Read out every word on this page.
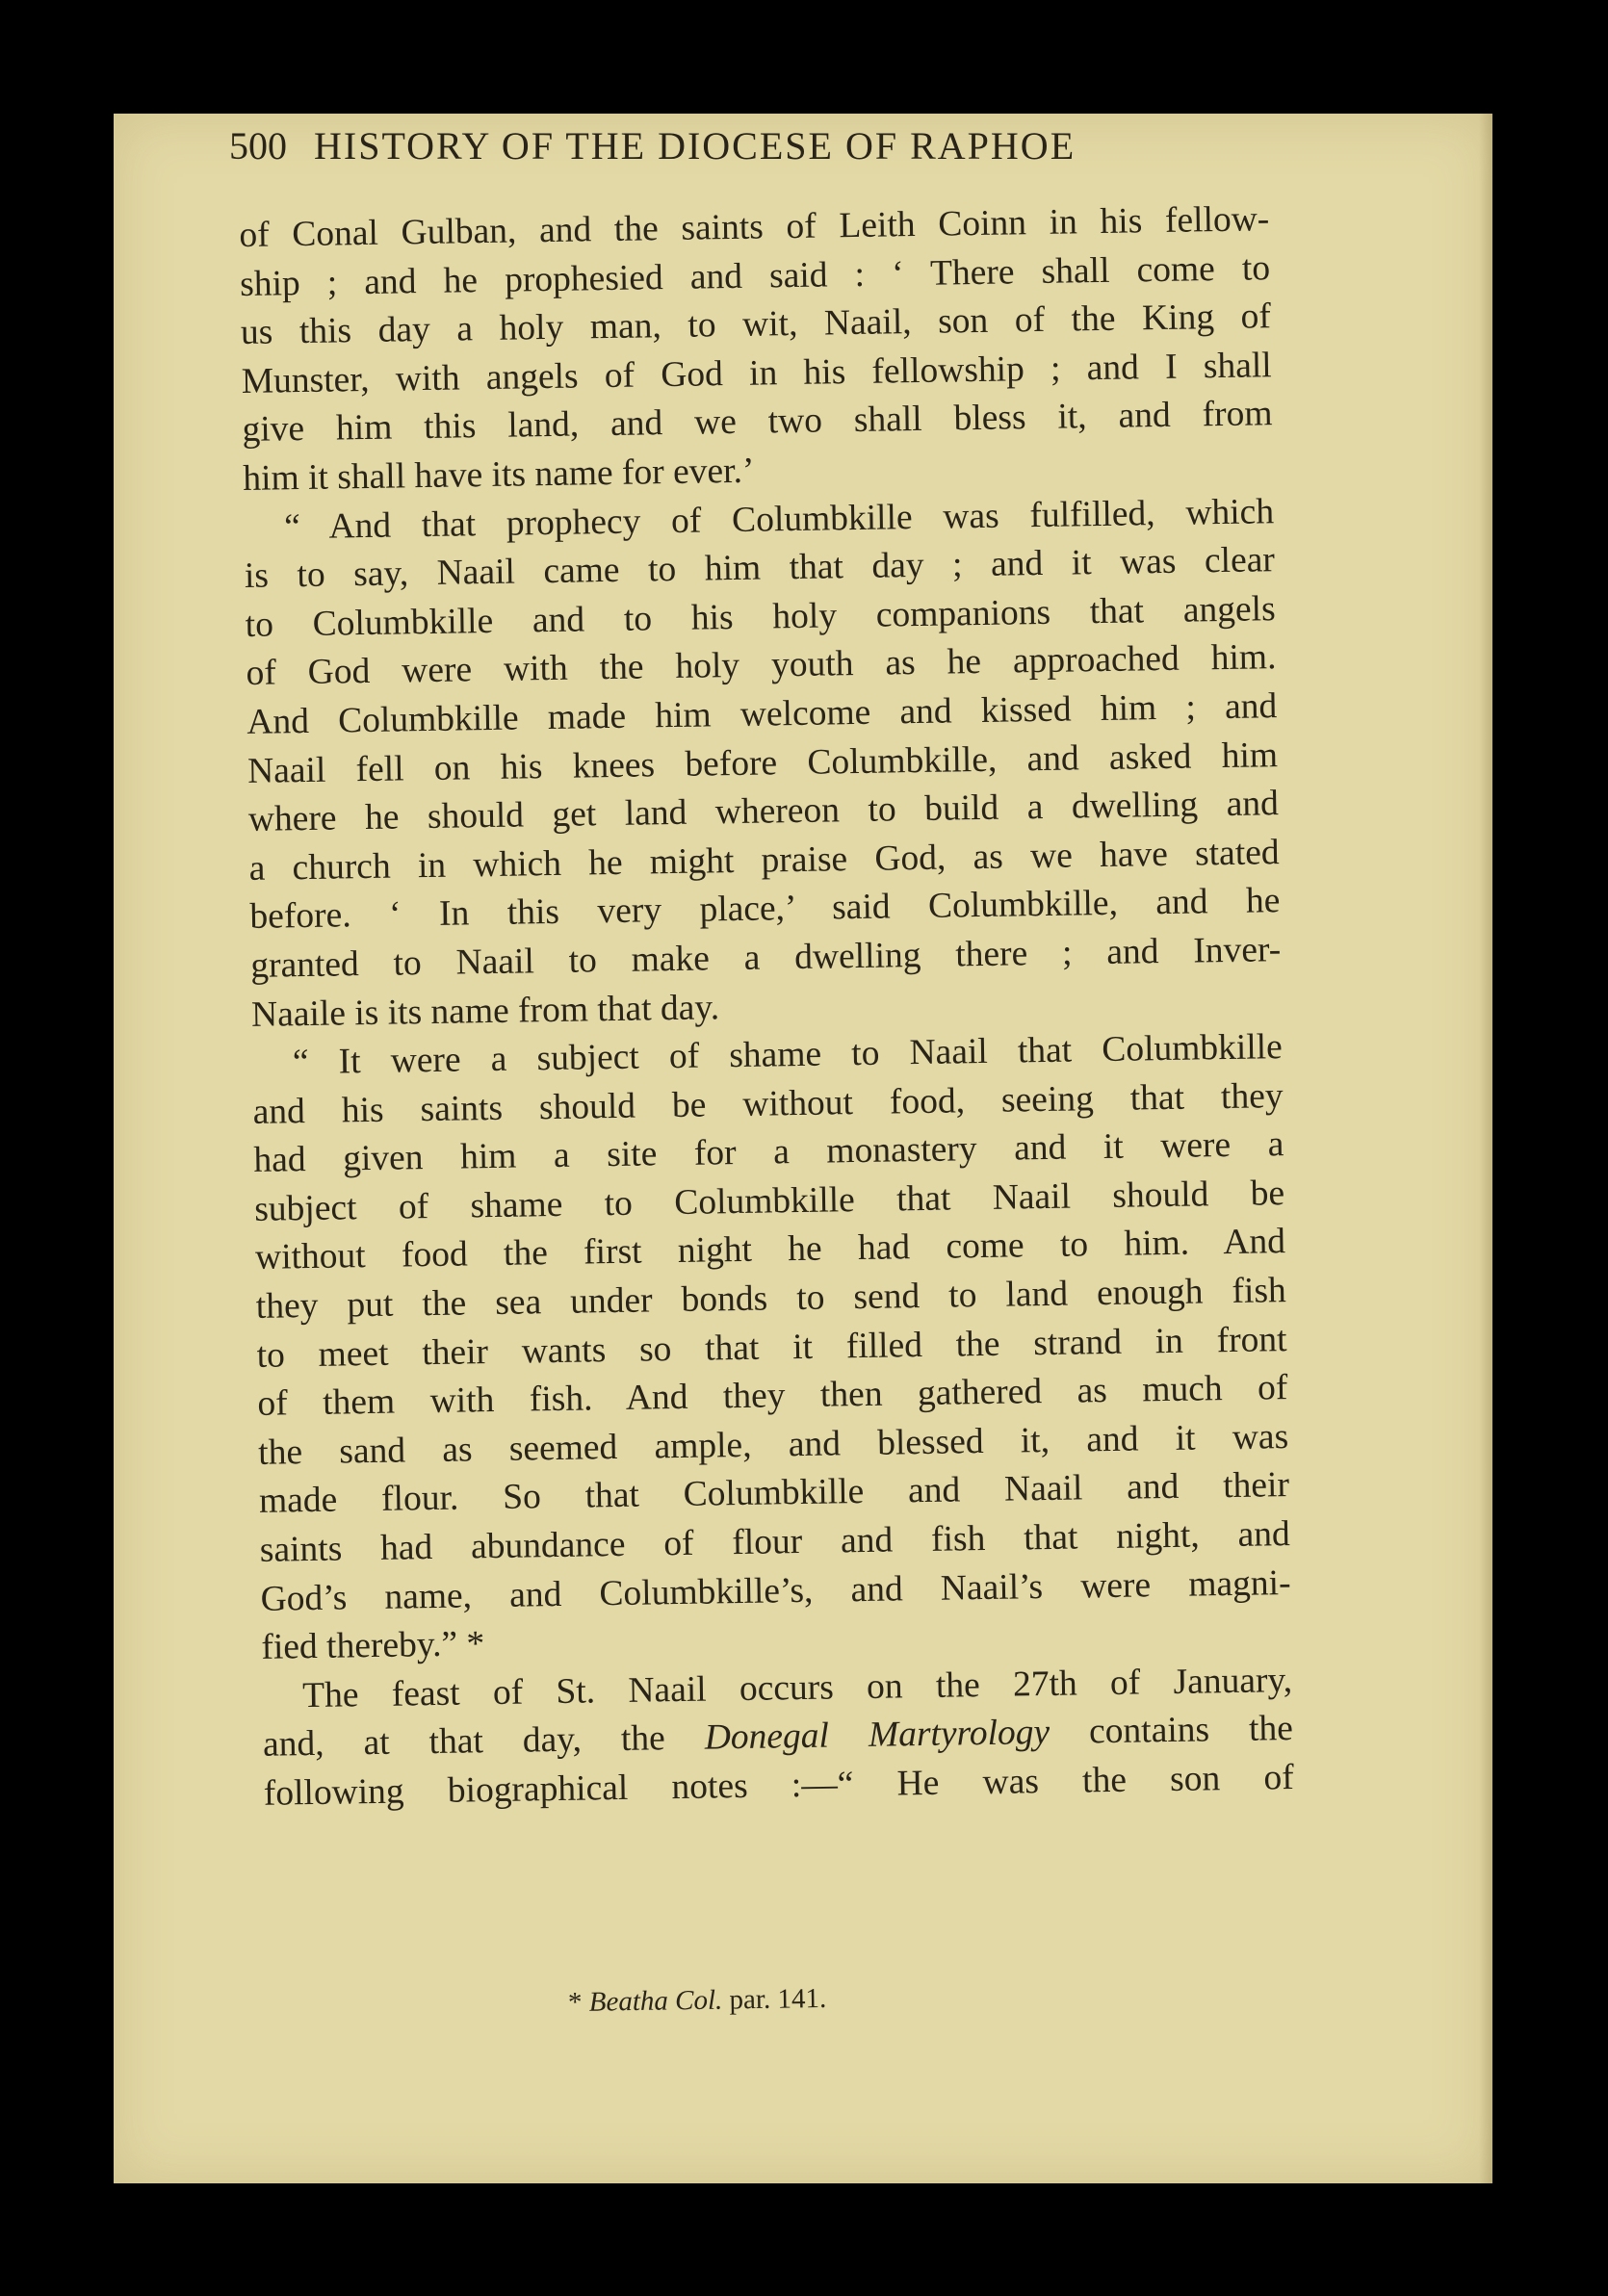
500 HISTORY OF THE DIOCESE OF RAPHOE
of Conal Gulban, and the saints of Leith Coinn in his fellow-
ship ; and he prophesied and said : ‘ There shall come to
us this day a holy man, to wit, Naail, son of the King of
Munster, with angels of God in his fellowship ; and I shall
give him this land, and we two shall bless it, and from
him it shall have its name for ever.’
“ And that prophecy of Columbkille was fulfilled, which
is to say, Naail came to him that day ; and it was clear
to Columbkille and to his holy companions that angels
of God were with the holy youth as he approached him.
And Columbkille made him welcome and kissed him ; and
Naail fell on his knees before Columbkille, and asked him
where he should get land whereon to build a dwelling and
a church in which he might praise God, as we have stated
before. ‘ In this very place,’ said Columbkille, and he
granted to Naail to make a dwelling there ; and Inver-
Naaile is its name from that day.
“ It were a subject of shame to Naail that Columbkille
and his saints should be without food, seeing that they
had given him a site for a monastery and it were a
subject of shame to Columbkille that Naail should be
without food the first night he had come to him. And
they put the sea under bonds to send to land enough fish
to meet their wants so that it filled the strand in front
of them with fish. And they then gathered as much of
the sand as seemed ample, and blessed it, and it was
made flour. So that Columbkille and Naail and their
saints had abundance of flour and fish that night, and
God’s name, and Columbkille’s, and Naail’s were magni-
fied thereby.” *
The feast of St. Naail occurs on the 27th of January,
and, at that day, the Donegal Martyrology contains the
following biographical notes :—“ He was the son of
* Beatha Col. par. 141.
